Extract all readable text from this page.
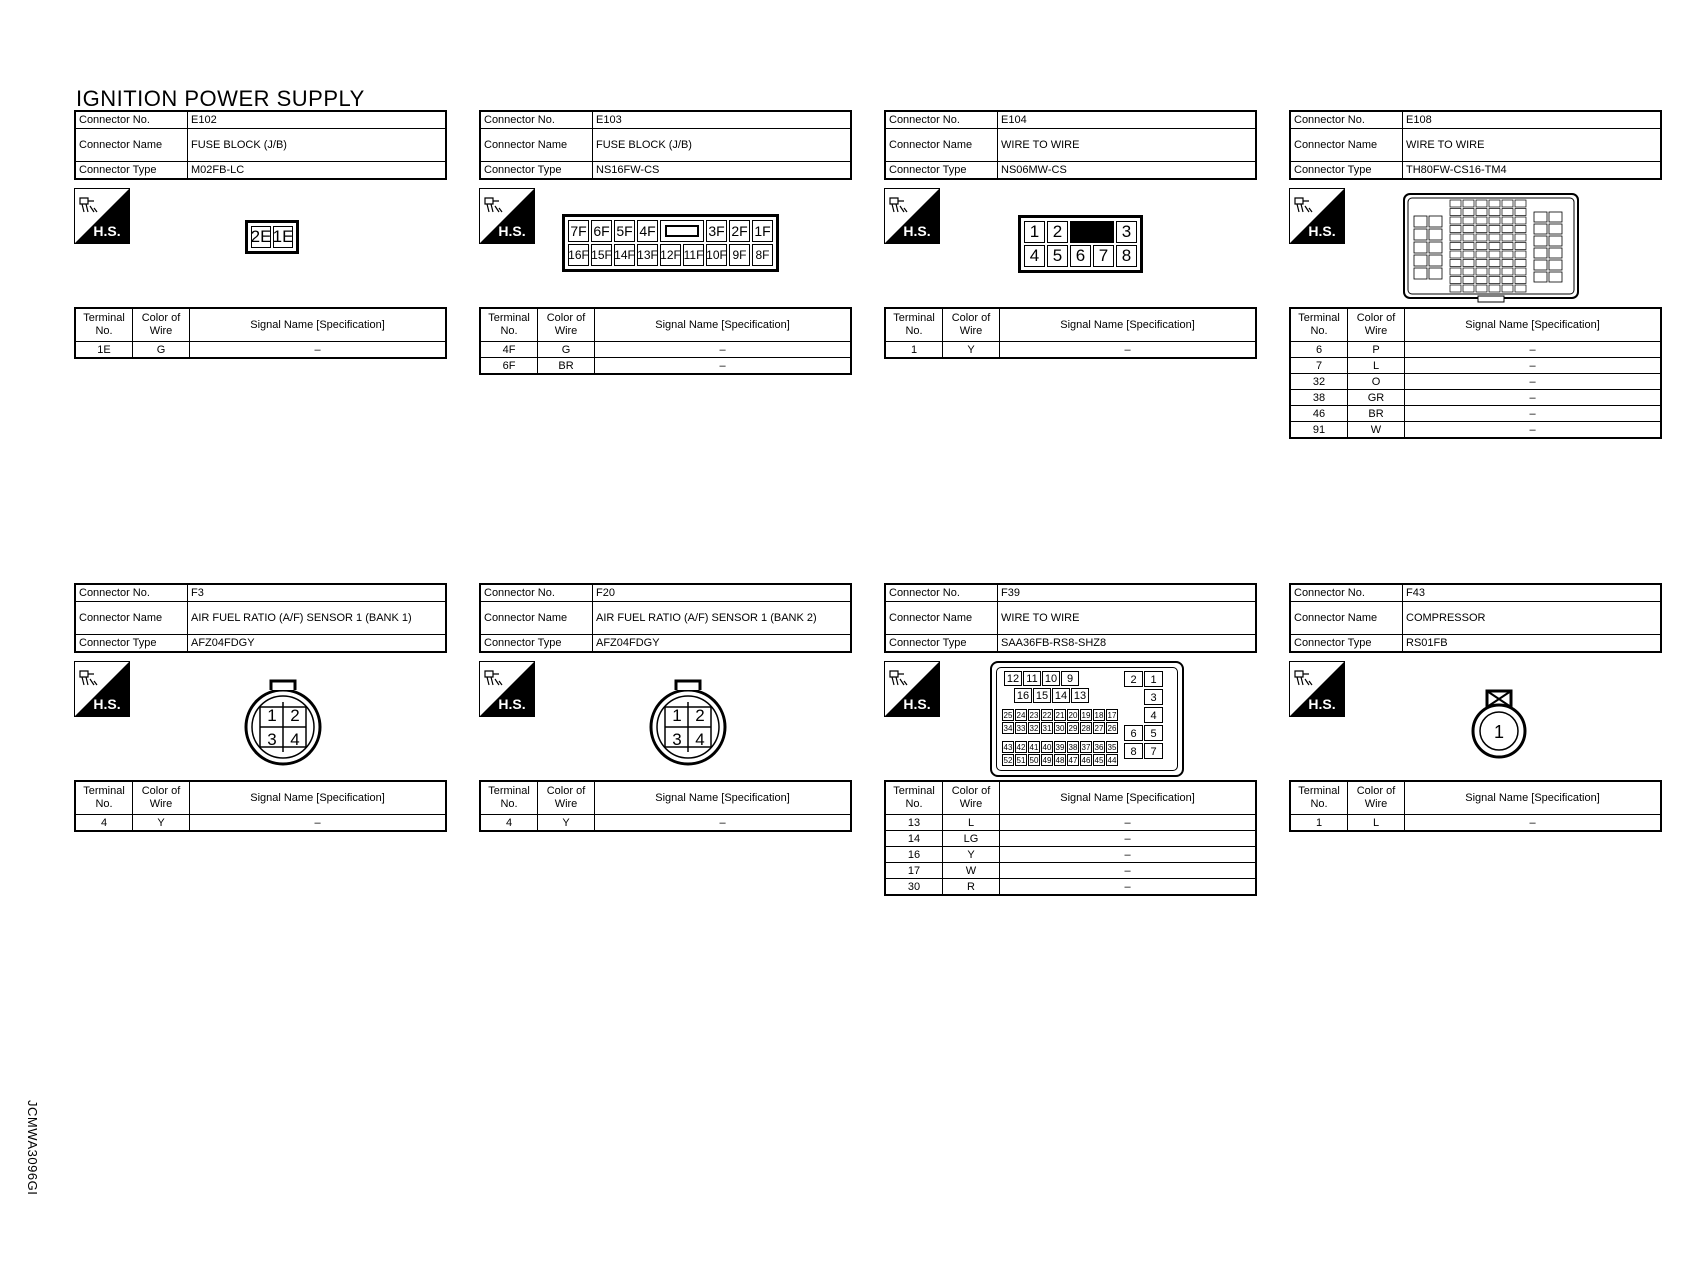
IGNITION POWER SUPPLY
Connector No.	E102
Connector Name	FUSE BLOCK (J/B)
Connector Type	M02FB-LC
H.S.	2E 1E
Terminal No.	Color of Wire	Signal Name [Specification]
1E	G	–
Connector No.	E103
Connector Name	FUSE BLOCK (J/B)
Connector Type	NS16FW-CS
H.S.	7F 6F 5F 4F	3F 2F 1F
16F 15F 14F 13F 12F 11F 10F 9F 8F
Terminal No.	Color of Wire	Signal Name [Specification]
4F	G	–
6F	BR	–
Connector No.	E104
Connector Name	WIRE TO WIRE
Connector Type	NS06MW-CS
H.S.	1 2	3
4 5 6 7 8
Terminal No.	Color of Wire	Signal Name [Specification]
1	Y	–
Connector No.	E108
Connector Name	WIRE TO WIRE
Connector Type	TH80FW-CS16-TM4
H.S.
Terminal No.	Color of Wire	Signal Name [Specification]
6	P	–
7	L	–
32	O	–
38	GR	–
46	BR	–
91	W	–
Connector No.	F3
Connector Name	AIR FUEL RATIO (A/F) SENSOR 1 (BANK 1)
Connector Type	AFZ04FDGY
H.S.
1 2
3 4
Terminal No.	Color of Wire	Signal Name [Specification]
4	Y	–
Connector No.	F20
Connector Name	AIR FUEL RATIO (A/F) SENSOR 1 (BANK 2)
Connector Type	AFZ04FDGY
H.S.
1 2
3 4
Terminal No.	Color of Wire	Signal Name [Specification]
4	Y	–
Connector No.	F39
Connector Name	WIRE TO WIRE
Connector Type	SAA36FB-RS8-SHZ8
H.S.
12 11 10 9
16 15 14 13
25 24 23 22 21 20 19 18 17
34 33 32 31 30 29 28 27 26
43 42 41 40 39 38 37 36 35
52 51 50 49 48 47 46 45 44
2	1
3
4
6	5
8	7
Terminal No.	Color of Wire	Signal Name [Specification]
13	L	–
14	LG	–
16	Y	–
17	W	–
30	R	–
Connector No.	F43
Connector Name	COMPRESSOR
Connector Type	RS01FB
H.S.
1
Terminal No.	Color of Wire	Signal Name [Specification]
1	L	–
JCMWA3096GI
